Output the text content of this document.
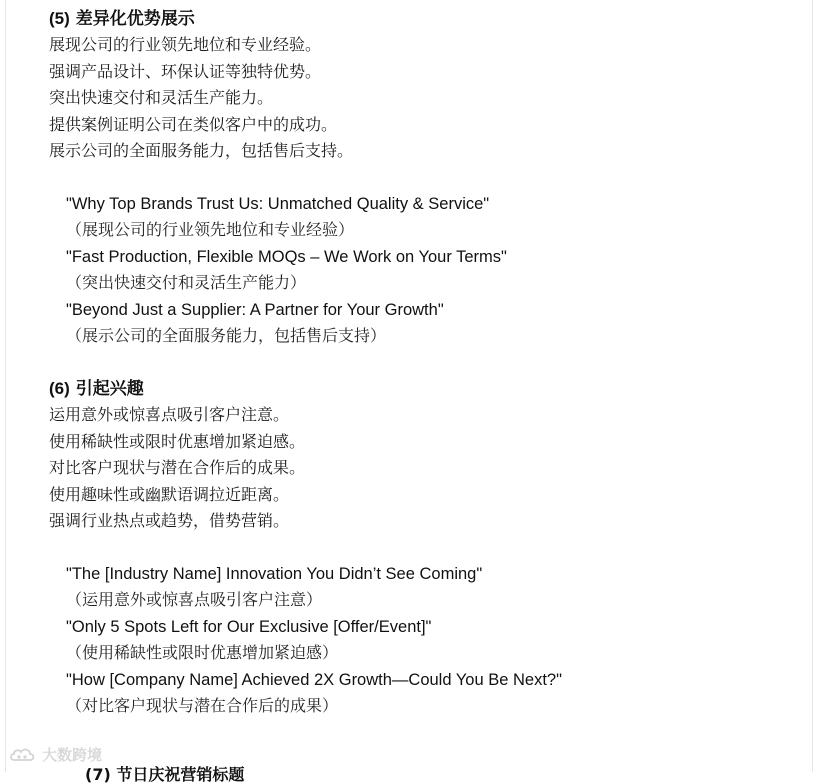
(5) 差异化优势展示
展现公司的行业领先地位和专业经验。
强调产品设计、环保认证等独特优势。
突出快速交付和灵活生产能力。
提供案例证明公司在类似客户中的成功。
展示公司的全面服务能力，包括售后支持。
"Why Top Brands Trust Us: Unmatched Quality & Service"
（展现公司的行业领先地位和专业经验）
"Fast Production, Flexible MOQs – We Work on Your Terms"
（突出快速交付和灵活生产能力）
"Beyond Just a Supplier: A Partner for Your Growth"
（展示公司的全面服务能力，包括售后支持）
(6) 引起兴趣
运用意外或惊喜点吸引客户注意。
使用稀缺性或限时优惠增加紧迫感。
对比客户现状与潜在合作后的成果。
使用趣味性或幽默语调拉近距离。
强调行业热点或趋势，借势营销。
"The [Industry Name] Innovation You Didn’t See Coming"
（运用意外或惊喜点吸引客户注意）
"Only 5 Spots Left for Our Exclusive [Offer/Event]"
（使用稀缺性或限时优惠增加紧迫感）
"How [Company Name] Achieved 2X Growth—Could You Be Next?"
（对比客户现状与潜在合作后的成果）
(7) 节日庆祝营销标题
大数跨境
